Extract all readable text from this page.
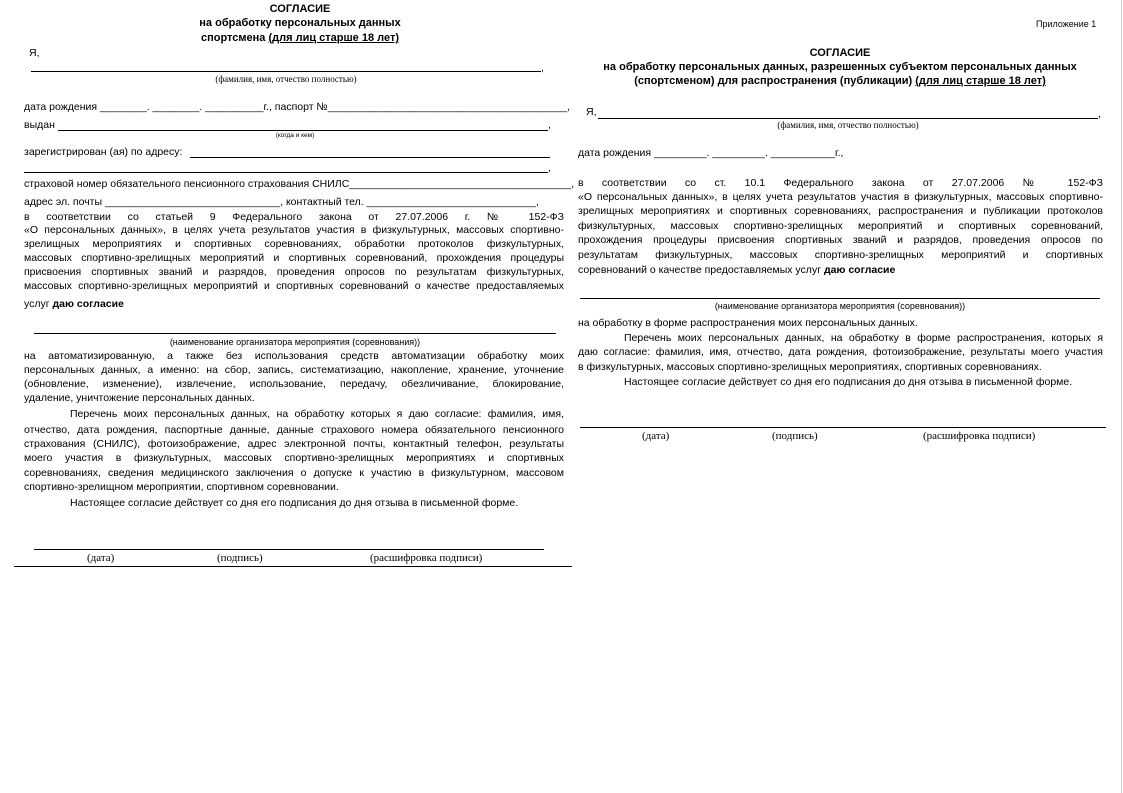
СОГЛАСИЕ
на обработку персональных данных
спортсмена (для лиц старше 18 лет)
Я,
,
(фамилия, имя, отчество полностью)
дата рождения ________. ________. __________г., паспорт №_________________________________________,
выдан	,
(когда и кем)
зарегистрирован (ая) по адресу:
,
страховой номер обязательного пенсионного страхования СНИЛС______________________________________,
адрес эл. почты ______________________________, контактный тел. _____________________________,
в соответствии со статьей 9 Федерального закона от 27.07.2006 г. № 152-ФЗ
«О персональных данных», в целях учета результатов участия в физкультурных, массовых спортивно-
зрелищных мероприятиях и спортивных соревнованиях, обработки протоколов физкультурных,
массовых спортивно-зрелищных мероприятий и спортивных соревнований, прохождения процедуры
присвоения спортивных званий и разрядов, проведения опросов по результатам физкультурных,
массовых спортивно-зрелищных мероприятий и спортивных соревнований о качестве предоставляемых
услуг даю согласие
(наименование организатора мероприятия (соревнования))
на автоматизированную, а также без использования средств автоматизации обработку моих
персональных данных, а именно: на сбор, запись, систематизацию, накопление, хранение, уточнение
(обновление, изменение), извлечение, использование, передачу, обезличивание, блокирование,
удаление, уничтожение персональных данных.
Перечень моих персональных данных, на обработку которых я даю согласие: фамилия, имя,
отчество, дата рождения, паспортные данные, данные страхового номера обязательного пенсионного
страхования (СНИЛС), фотоизображение, адрес электронной почты, контактный телефон, результаты
моего участия в физкультурных, массовых спортивно-зрелищных мероприятиях и спортивных
соревнованиях, сведения медицинского заключения о допуске к участию в физкультурном, массовом
спортивно-зрелищном мероприятии, спортивном соревновании.
Настоящее согласие действует со дня его подписания до дня отзыва в письменной форме.
(дата)	(подпись)	(расшифровка подписи)
Приложение 1
СОГЛАСИЕ
на обработку персональных данных, разрешенных субъектом персональных данных
(спортсменом) для распространения (публикации) (для лиц старше 18 лет)
Я,	,
(фамилия, имя, отчество полностью)
дата рождения _________. _________. ___________г.,
в соответствии со ст. 10.1 Федерального закона от 27.07.2006 № 152-ФЗ
«О персональных данных», в целях учета результатов участия в физкультурных, массовых спортивно-
зрелищных мероприятиях и спортивных соревнованиях, распространения и публикации протоколов
физкультурных, массовых спортивно-зрелищных мероприятий и спортивных соревнований,
прохождения процедуры присвоения спортивных званий и разрядов, проведения опросов по
результатам физкультурных, массовых спортивно-зрелищных мероприятий и спортивных
соревнований о качестве предоставляемых услуг даю согласие
(наименование организатора мероприятия (соревнования))
на обработку в форме распространения моих персональных данных.
Перечень моих персональных данных, на обработку в форме распространения, которых я
даю согласие: фамилия, имя, отчество, дата рождения, фотоизображение, результаты моего участия
в физкультурных, массовых спортивно-зрелищных мероприятиях, спортивных соревнованиях.
Настоящее согласие действует со дня его подписания до дня отзыва в письменной форме.
(дата)	(подпись)	(расшифровка подписи)
